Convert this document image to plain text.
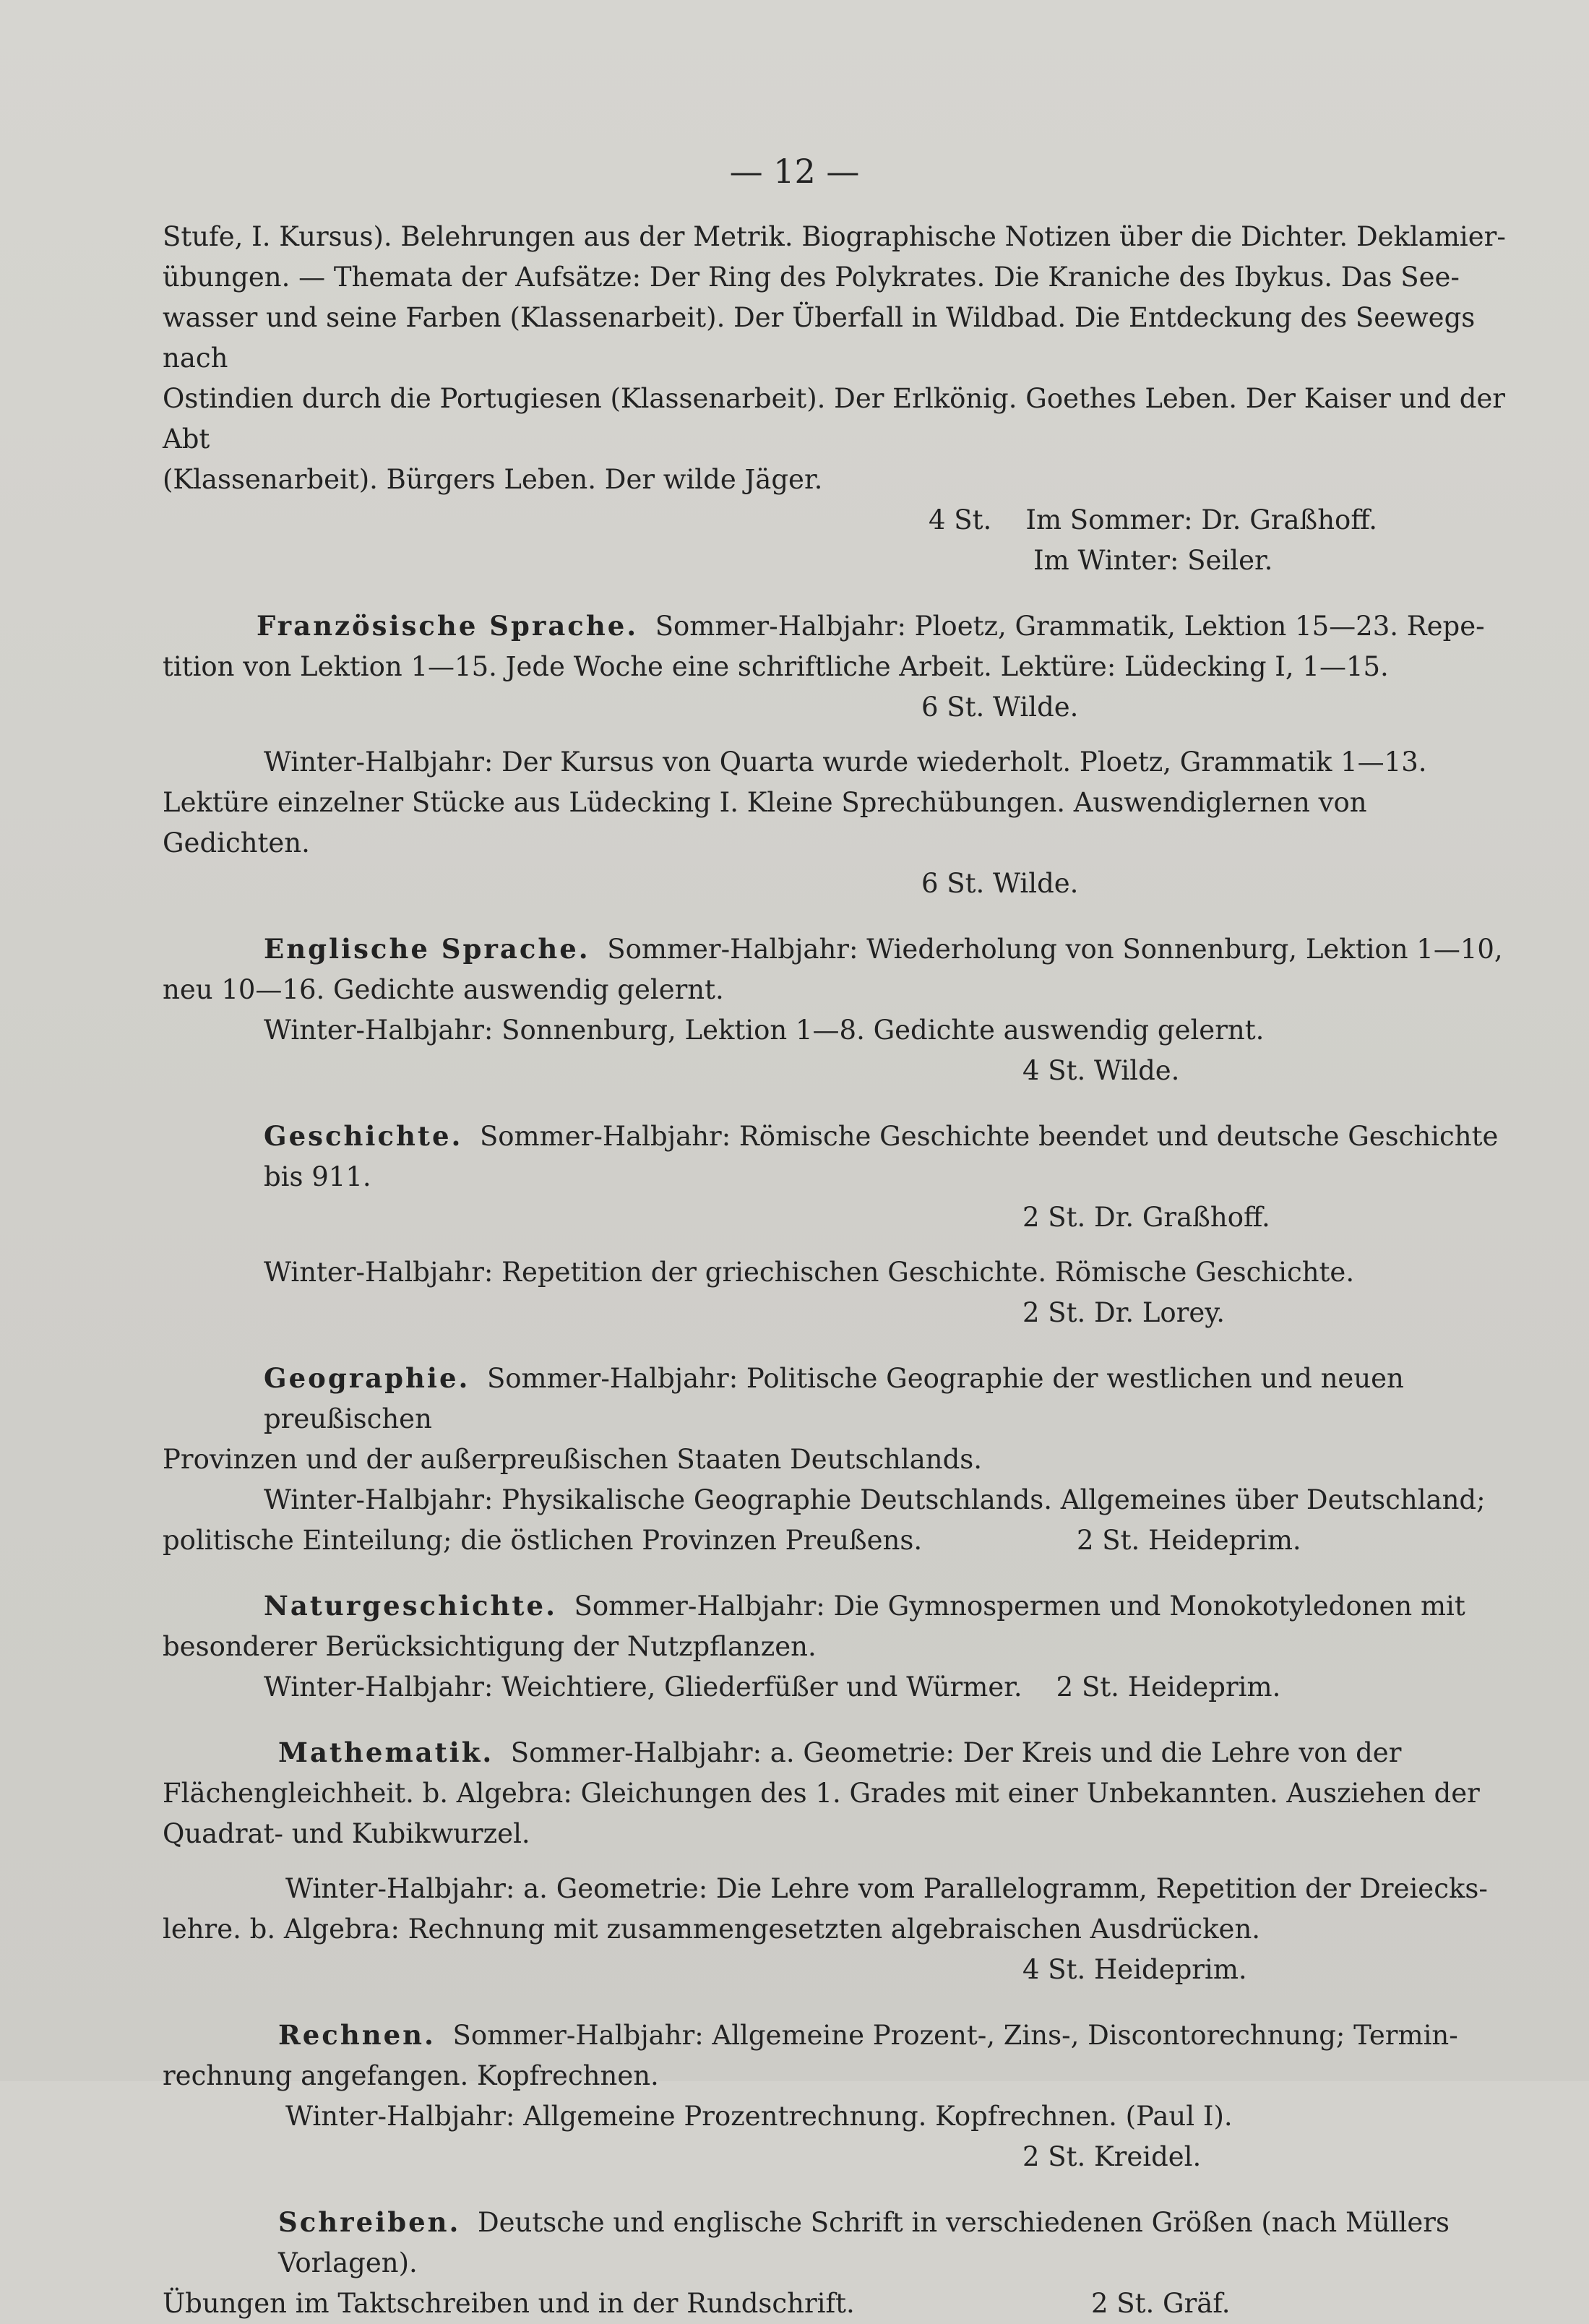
— 12 —
Stufe, I. Kursus). Belehrungen aus der Metrik. Biographische Notizen über die Dichter. Deklamier-
übungen. — Themata der Aufsätze: Der Ring des Polykrates. Die Kraniche des Ibykus. Das See-
wasser und seine Farben (Klassenarbeit). Der Überfall in Wildbad. Die Entdeckung des Seewegs nach
Ostindien durch die Portugiesen (Klassenarbeit). Der Erlkönig. Goethes Leben. Der Kaiser und der Abt
(Klassenarbeit). Bürgers Leben. Der wilde Jäger.
4 St. Im Sommer: Dr. Graßhoff.
Im Winter: Seiler.
Französische Sprache. Sommer-Halbjahr: Ploetz, Grammatik, Lektion 15—23. Repe-
tition von Lektion 1—15. Jede Woche eine schriftliche Arbeit. Lektüre: Lüdecking I, 1—15.
6 St. Wilde.
Winter-Halbjahr: Der Kursus von Quarta wurde wiederholt. Ploetz, Grammatik 1—13.
Lektüre einzelner Stücke aus Lüdecking I. Kleine Sprechübungen. Auswendiglernen von Gedichten.
6 St. Wilde.
Englische Sprache. Sommer-Halbjahr: Wiederholung von Sonnenburg, Lektion 1—10,
neu 10—16. Gedichte auswendig gelernt.
Winter-Halbjahr: Sonnenburg, Lektion 1—8. Gedichte auswendig gelernt.
4 St. Wilde.
Geschichte. Sommer-Halbjahr: Römische Geschichte beendet und deutsche Geschichte bis 911.
2 St. Dr. Graßhoff.
Winter-Halbjahr: Repetition der griechischen Geschichte. Römische Geschichte.
2 St. Dr. Lorey.
Geographie. Sommer-Halbjahr: Politische Geographie der westlichen und neuen preußischen
Provinzen und der außerpreußischen Staaten Deutschlands.
Winter-Halbjahr: Physikalische Geographie Deutschlands. Allgemeines über Deutschland;
politische Einteilung; die östlichen Provinzen Preußens.	2 St. Heideprim.
Naturgeschichte. Sommer-Halbjahr: Die Gymnospermen und Monokotyledonen mit
besonderer Berücksichtigung der Nutzpflanzen.
Winter-Halbjahr: Weichtiere, Gliederfüßer und Würmer. 2 St. Heideprim.
Mathematik. Sommer-Halbjahr: a. Geometrie: Der Kreis und die Lehre von der
Flächengleichheit. b. Algebra: Gleichungen des 1. Grades mit einer Unbekannten. Ausziehen der
Quadrat- und Kubikwurzel.
Winter-Halbjahr: a. Geometrie: Die Lehre vom Parallelogramm, Repetition der Dreiecks-
lehre. b. Algebra: Rechnung mit zusammengesetzten algebraischen Ausdrücken.
4 St. Heideprim.
Rechnen. Sommer-Halbjahr: Allgemeine Prozent-, Zins-, Discontorechnung; Termin-
rechnung angefangen. Kopfrechnen.
Winter-Halbjahr: Allgemeine Prozentrechnung. Kopfrechnen. (Paul I).
2 St. Kreidel.
Schreiben. Deutsche und englische Schrift in verschiedenen Größen (nach Müllers Vorlagen).
Übungen im Taktschreiben und in der Rundschrift.	2 St. Gräf.
